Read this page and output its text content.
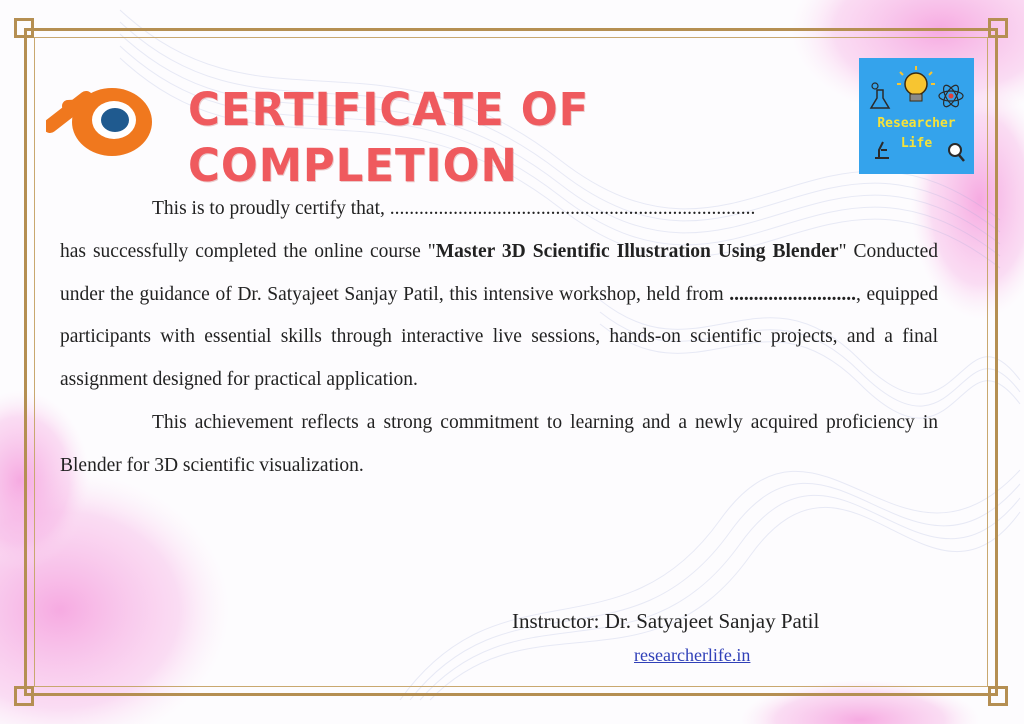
CERTIFICATE OF COMPLETION
Researcher
Life

This is to proudly certify that, ...........................................................................

has successfully completed the online course "Master 3D Scientific Illustration Using Blender" Conducted under the guidance of Dr. Satyajeet Sanjay Patil, this intensive workshop, held from .........................., equipped participants with essential skills through interactive live sessions, hands-on scientific projects, and a final assignment designed for practical application.

This achievement reflects a strong commitment to learning and a newly acquired proficiency in Blender for 3D scientific visualization.

Instructor: Dr. Satyajeet Sanjay Patil
researcherlife.in
